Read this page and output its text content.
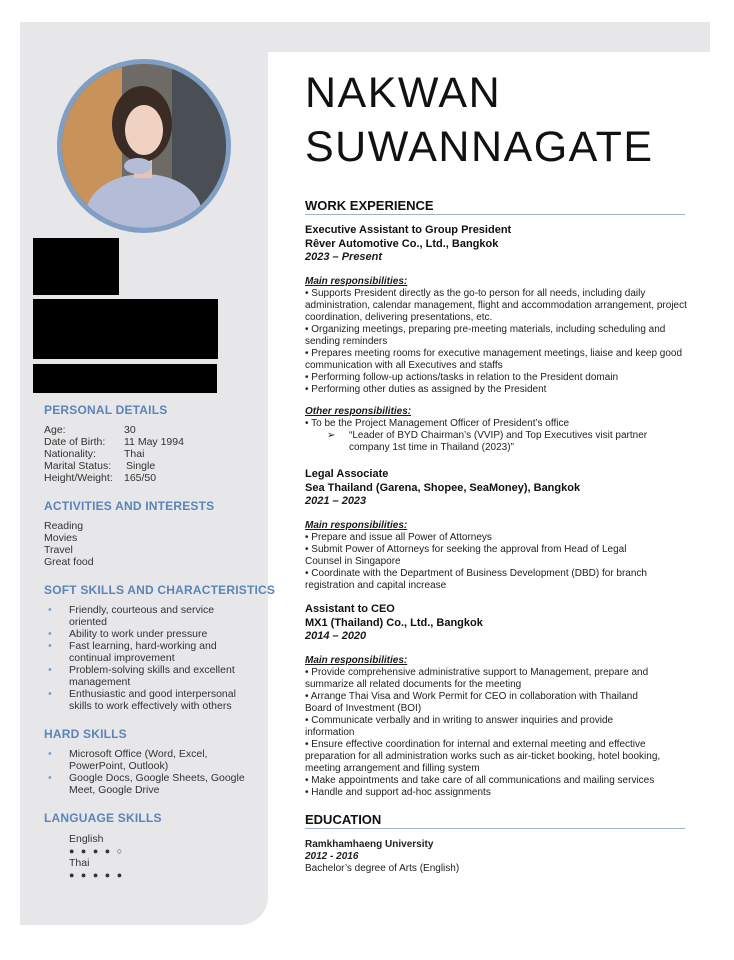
PERSONAL DETAILS
Age:	30
Date of Birth:	11 May 1994
Nationality:	Thai
Marital Status:	Single
Height/Weight:	165/50
ACTIVITIES AND INTERESTS
Reading
Movies
Travel
Great food
SOFT SKILLS AND CHARACTERISTICS
• Friendly, courteous and service oriented
• Ability to work under pressure
• Fast learning, hard-working and continual improvement
• Problem-solving skills and excellent management
• Enthusiastic and good interpersonal skills to work effectively with others
HARD SKILLS
• Microsoft Office (Word, Excel, PowerPoint, Outlook)
• Google Docs, Google Sheets, Google Meet, Google Drive
LANGUAGE SKILLS
English
● ● ● ● ○
Thai
● ● ● ● ●
NAKWAN
SUWANNAGATE
WORK EXPERIENCE
Executive Assistant to Group President
Rêver Automotive Co., Ltd., Bangkok
2023 – Present
Main responsibilities:
• Supports President directly as the go-to person for all needs, including daily administration, calendar management, flight and accommodation arrangement, project coordination, delivering presentations, etc.
• Organizing meetings, preparing pre-meeting materials, including scheduling and sending reminders
• Prepares meeting rooms for executive management meetings, liaise and keep good communication with all Executives and staffs
• Performing follow-up actions/tasks in relation to the President domain
• Performing other duties as assigned by the President
Other responsibilities:
• To be the Project Management Officer of President’s office
➢	“Leader of BYD Chairman’s (VVIP) and Top Executives visit partner company 1st time in Thailand (2023)”
Legal Associate
Sea Thailand (Garena, Shopee, SeaMoney), Bangkok
2021 – 2023
Main responsibilities:
• Prepare and issue all Power of Attorneys
• Submit Power of Attorneys for seeking the approval from Head of Legal Counsel in Singapore
• Coordinate with the Department of Business Development (DBD) for branch registration and capital increase
Assistant to CEO
MX1 (Thailand) Co., Ltd., Bangkok
2014 – 2020
Main responsibilities:
• Provide comprehensive administrative support to Management, prepare and summarize all related documents for the meeting
• Arrange Thai Visa and Work Permit for CEO in collaboration with Thailand Board of Investment (BOI)
• Communicate verbally and in writing to answer inquiries and provide information
• Ensure effective coordination for internal and external meeting and effective preparation for all administration works such as air-ticket booking, hotel booking, meeting arrangement and filling system
• Make appointments and take care of all communications and mailing services
• Handle and support ad-hoc assignments
EDUCATION
Ramkhamhaeng University
2012 - 2016
Bachelor’s degree of Arts (English)
